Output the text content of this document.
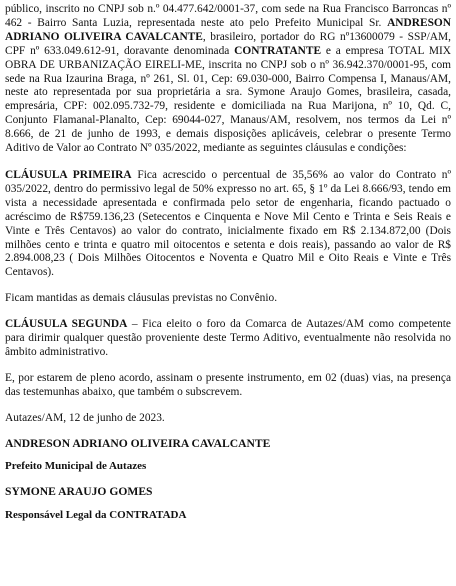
público, inscrito no CNPJ sob n.º 04.477.642/0001-37, com sede na Rua Francisco Barroncas nº 462 - Bairro Santa Luzia, representada neste ato pelo Prefeito Municipal Sr. ANDRESON ADRIANO OLIVEIRA CAVALCANTE, brasileiro, portador do RG nº13600079 - SSP/AM, CPF nº 633.049.612-91, doravante denominada CONTRATANTE e a empresa TOTAL MIX OBRA DE URBANIZAÇÃO EIRELI-ME, inscrita no CNPJ sob o nº 36.942.370/0001-95, com sede na Rua Izaurina Braga, nº 261, Sl. 01, Cep: 69.030-000, Bairro Compensa I, Manaus/AM, neste ato representada por sua proprietária a sra. Symone Araujo Gomes, brasileira, casada, empresária, CPF: 002.095.732-79, residente e domiciliada na Rua Marijona, nº 10, Qd. C, Conjunto Flamanal-Planalto, Cep: 69044-027, Manaus/AM, resolvem, nos termos da Lei nº 8.666, de 21 de junho de 1993, e demais disposições aplicáveis, celebrar o presente Termo Aditivo de Valor ao Contrato Nº 035/2022, mediante as seguintes cláusulas e condições:

CLÁUSULA PRIMEIRA Fica acrescido o percentual de 35,56% ao valor do Contrato nº 035/2022, dentro do permissivo legal de 50% expresso no art. 65, § 1º da Lei 8.666/93, tendo em vista a necessidade apresentada e confirmada pelo setor de engenharia, ficando pactuado o acréscimo de R$759.136,23 (Setecentos e Cinquenta e Nove Mil Cento e Trinta e Seis Reais e Vinte e Três Centavos) ao valor do contrato, inicialmente fixado em R$ 2.134.872,00 (Dois milhões cento e trinta e quatro mil oitocentos e setenta e dois reais), passando ao valor de R$ 2.894.008,23 ( Dois Milhões Oitocentos e Noventa e Quatro Mil e Oito Reais e Vinte e Três Centavos).

Ficam mantidas as demais cláusulas previstas no Convênio.

CLÁUSULA SEGUNDA – Fica eleito o foro da Comarca de Autazes/AM como competente para dirimir qualquer questão proveniente deste Termo Aditivo, eventualmente não resolvida no âmbito administrativo.

E, por estarem de pleno acordo, assinam o presente instrumento, em 02 (duas) vias, na presença das testemunhas abaixo, que também o subscrevem.

Autazes/AM, 12 de junho de 2023.

ANDRESON ADRIANO OLIVEIRA CAVALCANTE

Prefeito Municipal de Autazes

SYMONE ARAUJO GOMES

Responsável Legal da CONTRATADA
